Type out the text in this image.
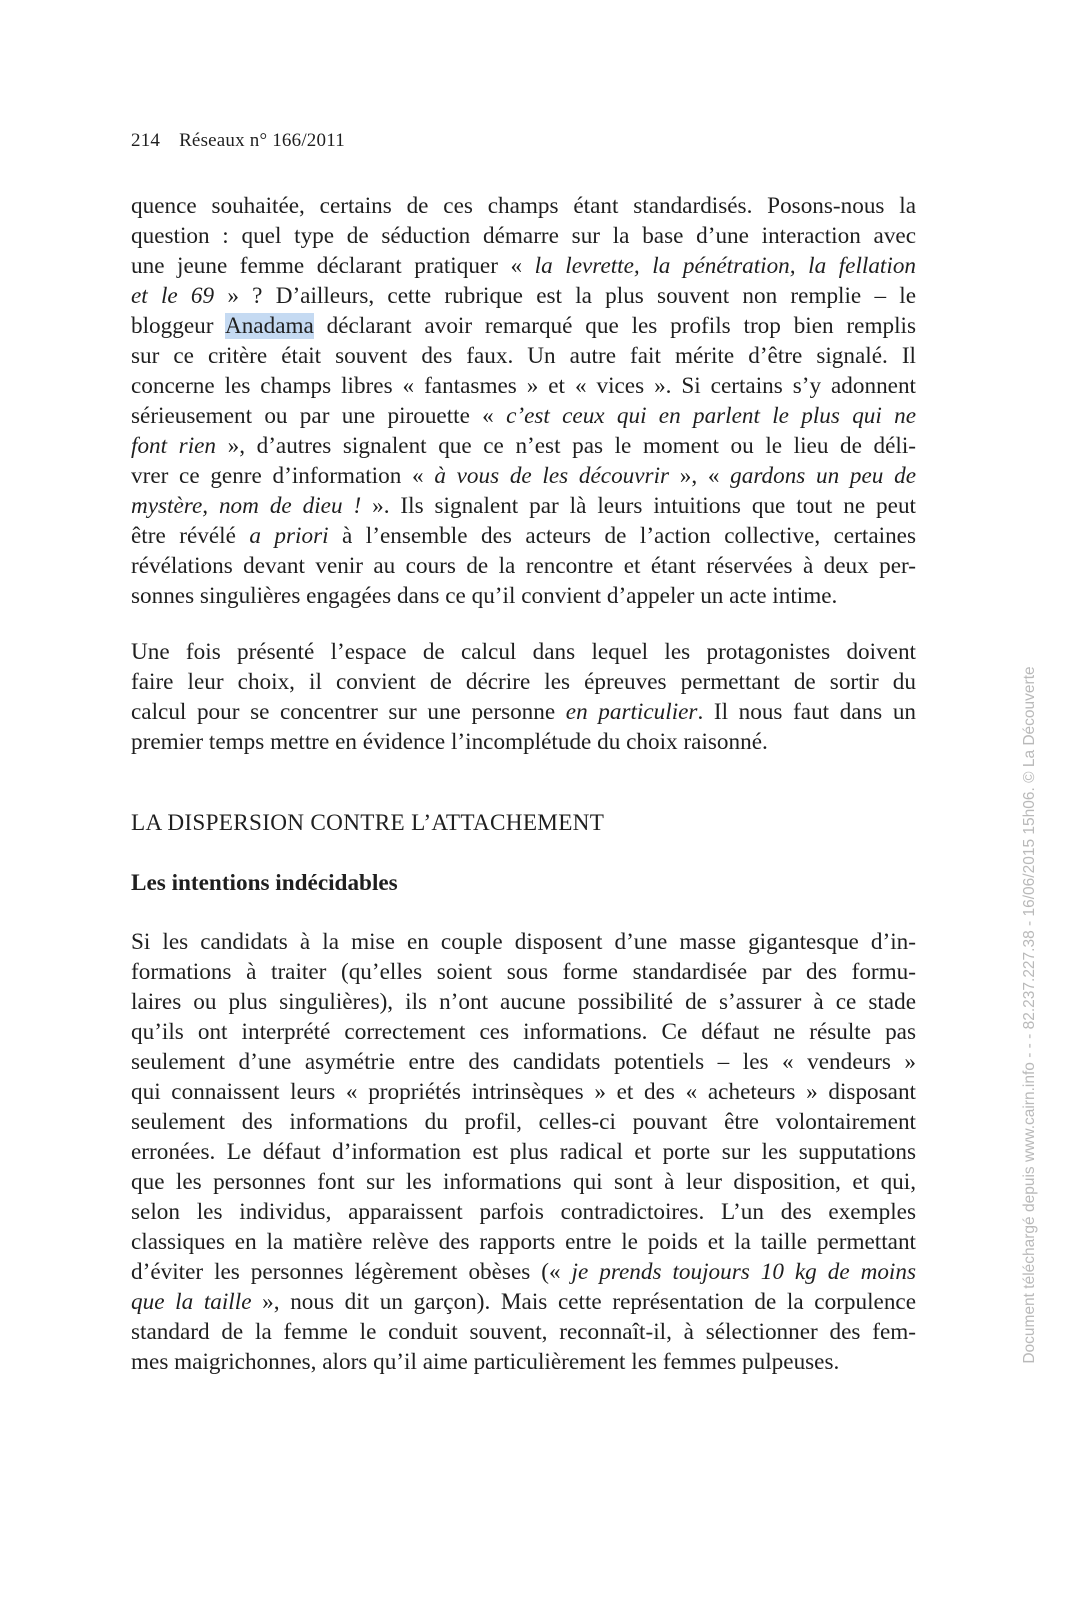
214 Réseaux n° 166/2011
quence souhaitée, certains de ces champs étant standardisés. Posons-nous la
question : quel type de séduction démarre sur la base d’une interaction avec
une jeune femme déclarant pratiquer « la levrette, la pénétration, la fellation
et le 69 » ? D’ailleurs, cette rubrique est la plus souvent non remplie – le
bloggeur Anadama déclarant avoir remarqué que les profils trop bien remplis
sur ce critère était souvent des faux. Un autre fait mérite d’être signalé. Il
concerne les champs libres « fantasmes » et « vices ». Si certains s’y adonnent
sérieusement ou par une pirouette « c’est ceux qui en parlent le plus qui ne
font rien », d’autres signalent que ce n’est pas le moment ou le lieu de déli-
vrer ce genre d’information « à vous de les découvrir », « gardons un peu de
mystère, nom de dieu ! ». Ils signalent par là leurs intuitions que tout ne peut
être révélé a priori à l’ensemble des acteurs de l’action collective, certaines
révélations devant venir au cours de la rencontre et étant réservées à deux per-
sonnes singulières engagées dans ce qu’il convient d’appeler un acte intime.
Une fois présenté l’espace de calcul dans lequel les protagonistes doivent
faire leur choix, il convient de décrire les épreuves permettant de sortir du
calcul pour se concentrer sur une personne en particulier. Il nous faut dans un
premier temps mettre en évidence l’incomplétude du choix raisonné.
LA DISPERSION CONTRE L’ATTACHEMENT
Les intentions indécidables
Si les candidats à la mise en couple disposent d’une masse gigantesque d’in-
formations à traiter (qu’elles soient sous forme standardisée par des formu-
laires ou plus singulières), ils n’ont aucune possibilité de s’assurer à ce stade
qu’ils ont interprété correctement ces informations. Ce défaut ne résulte pas
seulement d’une asymétrie entre des candidats potentiels – les « vendeurs »
qui connaissent leurs « propriétés intrinsèques » et des « acheteurs » disposant
seulement des informations du profil, celles-ci pouvant être volontairement
erronées. Le défaut d’information est plus radical et porte sur les supputations
que les personnes font sur les informations qui sont à leur disposition, et qui,
selon les individus, apparaissent parfois contradictoires. L’un des exemples
classiques en la matière relève des rapports entre le poids et la taille permettant
d’éviter les personnes légèrement obèses (« je prends toujours 10 kg de moins
que la taille », nous dit un garçon). Mais cette représentation de la corpulence
standard de la femme le conduit souvent, reconnaît-il, à sélectionner des fem-
mes maigrichonnes, alors qu’il aime particulièrement les femmes pulpeuses.	Document téléchargé depuis www.cairn.info - - - 82.237.227.38 - 16/06/2015 15h06. © La Découverte
